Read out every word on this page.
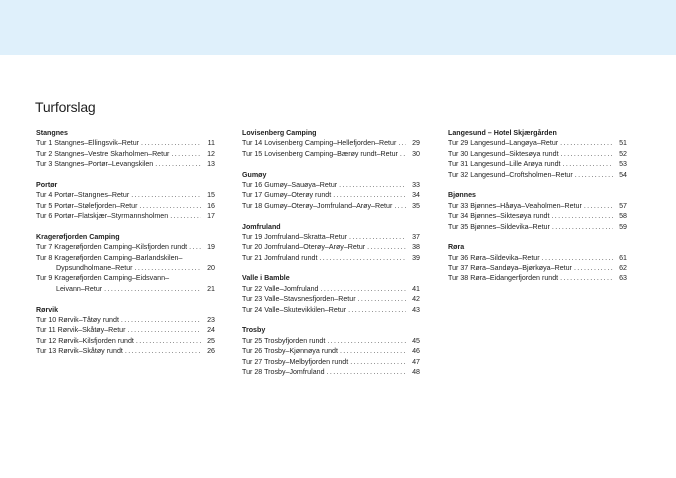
Turforslag
Stangnes
Tur 1 Stangnes–Ellingsvik–Retur . . .	11
Tur 2 Stangnes–Vestre Skarholmen–Retur . . .	12
Tur 3 Stangnes–Portør–Levangskilen . . .	13
Portør
Tur 4 Portør–Stangnes–Retur . . .	15
Tur 5 Portør–Stølefjorden–Retur . . .	16
Tur 6 Portør–Flatskjær–Styrmannsholmen . . .	17
Kragerøfjorden Camping
Tur 7 Kragerøfjorden Camping–Kilsfjorden rundt . . .	19
Tur 8 Kragerøfjorden Camping–Barlandskilen–
Dypsundholmane–Retur . . .	20
Tur 9 Kragerøfjorden Camping–Eidsvann–
Leivann–Retur . . .	21
Rørvik
Tur 10 Rørvik–Tåtøy rundt . . .	23
Tur 11 Rørvik–Skåtøy–Retur . . .	24
Tur 12 Rørvik–Kilsfjorden rundt . . .	25
Tur 13 Rørvik–Skåtøy rundt . . .	26
Lovisenberg Camping
Tur 14 Lovisenberg Camping–Hellefjorden–Retur . . .	29
Tur 15 Lovisenberg Camping–Bærøy rundt–Retur . . .	30
Gumøy
Tur 16 Gumøy–Sauøya–Retur . . .	33
Tur 17 Gumøy–Oterøy rundt . . .	34
Tur 18 Gumøy–Oterøy–Jomfruland–Arøy–Retur . . .	35
Jomfruland
Tur 19 Jomfruland–Skratta–Retur . . .	37
Tur 20 Jomfruland–Oterøy–Arøy–Retur . . .	38
Tur 21 Jomfruland rundt . . .	39
Valle i Bamble
Tur 22 Valle–Jomfruland . . .	41
Tur 23 Valle–Stavsnesfjorden–Retur . . .	42
Tur 24 Valle–Skutevikkilen–Retur . . .	43
Trosby
Tur 25 Trosbyfjorden rundt . . .	45
Tur 26 Trosby–Kjønnøya rundt . . .	46
Tur 27 Trosby–Melbyfjorden rundt . . .	47
Tur 28 Trosby–Jomfruland . . .	48
Langesund – Hotel Skjærgården
Tur 29 Langesund–Langøya–Retur . . .	51
Tur 30 Langesund–Siktesøya rundt . . .	52
Tur 31 Langesund–Lille Arøya rundt . . .	53
Tur 32 Langesund–Croftsholmen–Retur . . .	54
Bjønnes
Tur 33 Bjønnes–Håøya–Veaholmen–Retur . . .	57
Tur 34 Bjønnes–Siktesøya rundt . . .	58
Tur 35 Bjønnes–Sildevika–Retur . . .	59
Røra
Tur 36 Røra–Sildevika–Retur . . .	61
Tur 37 Røra–Sandøya–Bjørkøya–Retur . . .	62
Tur 38 Røra–Eidangerfjorden rundt . . .	63
